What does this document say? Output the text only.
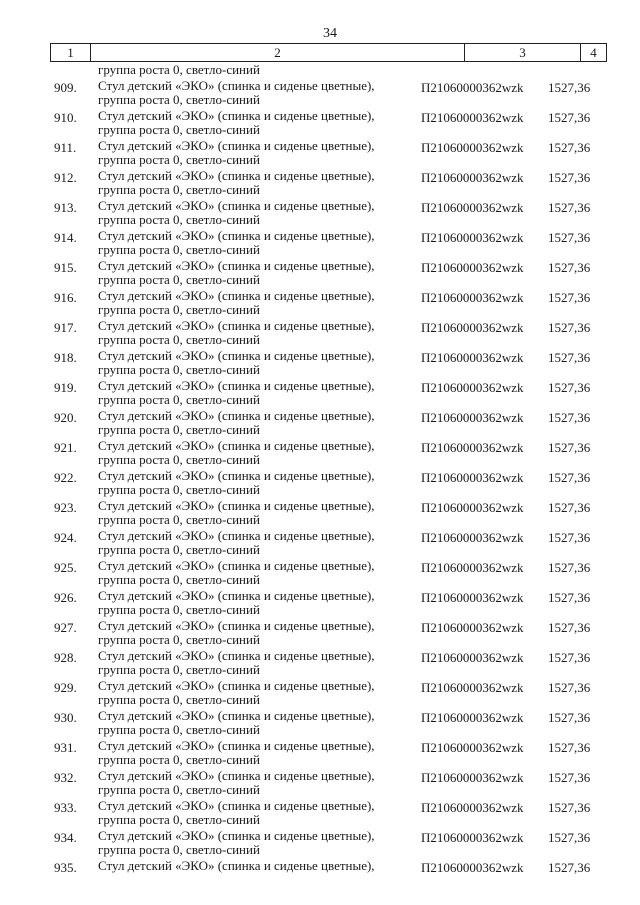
34
1	2	3	4
группа роста 0, светло-синий
909. Стул детский «ЭКО» (спинка и сиденье цветные),
группа роста 0, светло-синий
П21060000362wzk 1527,36
910. Стул детский «ЭКО» (спинка и сиденье цветные),
группа роста 0, светло-синий
П21060000362wzk 1527,36
911. Стул детский «ЭКО» (спинка и сиденье цветные),
группа роста 0, светло-синий
П21060000362wzk 1527,36
912. Стул детский «ЭКО» (спинка и сиденье цветные),
группа роста 0, светло-синий
П21060000362wzk 1527,36
913. Стул детский «ЭКО» (спинка и сиденье цветные),
группа роста 0, светло-синий
П21060000362wzk 1527,36
914. Стул детский «ЭКО» (спинка и сиденье цветные),
группа роста 0, светло-синий
П21060000362wzk 1527,36
915. Стул детский «ЭКО» (спинка и сиденье цветные),
группа роста 0, светло-синий
П21060000362wzk 1527,36
916. Стул детский «ЭКО» (спинка и сиденье цветные),
группа роста 0, светло-синий
П21060000362wzk 1527,36
917. Стул детский «ЭКО» (спинка и сиденье цветные),
группа роста 0, светло-синий
П21060000362wzk 1527,36
918. Стул детский «ЭКО» (спинка и сиденье цветные),
группа роста 0, светло-синий
П21060000362wzk 1527,36
919. Стул детский «ЭКО» (спинка и сиденье цветные),
группа роста 0, светло-синий
П21060000362wzk 1527,36
920. Стул детский «ЭКО» (спинка и сиденье цветные),
группа роста 0, светло-синий
П21060000362wzk 1527,36
921. Стул детский «ЭКО» (спинка и сиденье цветные),
группа роста 0, светло-синий
П21060000362wzk 1527,36
922. Стул детский «ЭКО» (спинка и сиденье цветные),
группа роста 0, светло-синий
П21060000362wzk 1527,36
923. Стул детский «ЭКО» (спинка и сиденье цветные),
группа роста 0, светло-синий
П21060000362wzk 1527,36
924. Стул детский «ЭКО» (спинка и сиденье цветные),
группа роста 0, светло-синий
П21060000362wzk 1527,36
925. Стул детский «ЭКО» (спинка и сиденье цветные),
группа роста 0, светло-синий
П21060000362wzk 1527,36
926. Стул детский «ЭКО» (спинка и сиденье цветные),
группа роста 0, светло-синий
П21060000362wzk 1527,36
927. Стул детский «ЭКО» (спинка и сиденье цветные),
группа роста 0, светло-синий
П21060000362wzk 1527,36
928. Стул детский «ЭКО» (спинка и сиденье цветные),
группа роста 0, светло-синий
П21060000362wzk 1527,36
929. Стул детский «ЭКО» (спинка и сиденье цветные),
группа роста 0, светло-синий
П21060000362wzk 1527,36
930. Стул детский «ЭКО» (спинка и сиденье цветные),
группа роста 0, светло-синий
П21060000362wzk 1527,36
931. Стул детский «ЭКО» (спинка и сиденье цветные),
группа роста 0, светло-синий
П21060000362wzk 1527,36
932. Стул детский «ЭКО» (спинка и сиденье цветные),
группа роста 0, светло-синий
П21060000362wzk 1527,36
933. Стул детский «ЭКО» (спинка и сиденье цветные),
группа роста 0, светло-синий
П21060000362wzk 1527,36
934. Стул детский «ЭКО» (спинка и сиденье цветные),
группа роста 0, светло-синий
П21060000362wzk 1527,36
935. Стул детский «ЭКО» (спинка и сиденье цветные),	П21060000362wzk 1527,36
